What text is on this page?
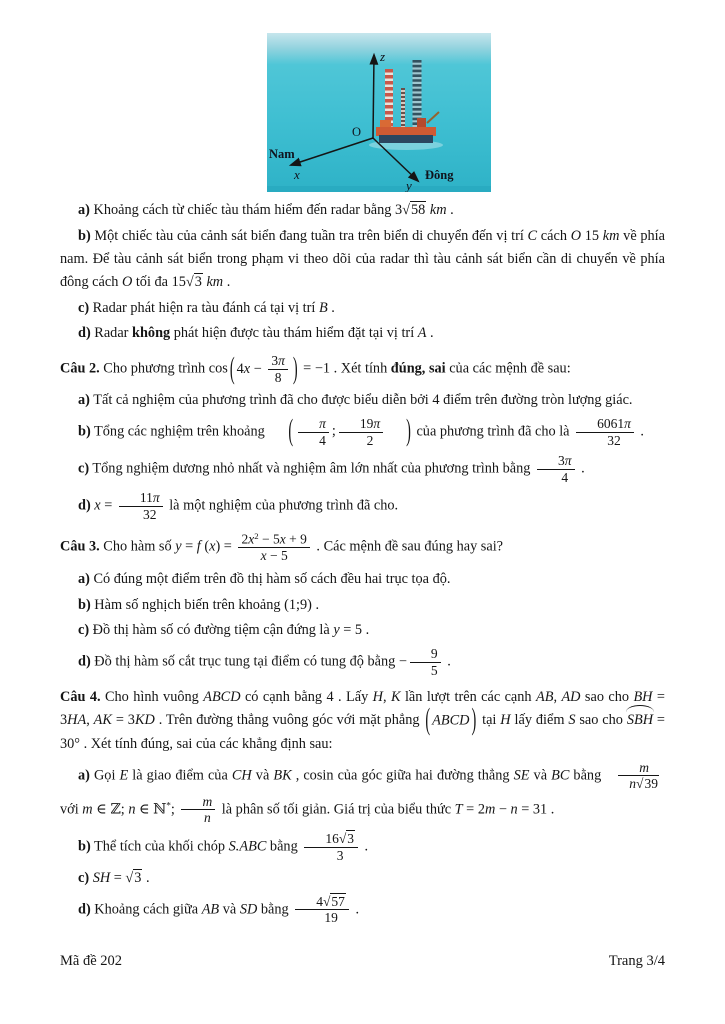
z
O
Nam
x	Đông
y

a) Khoảng cách từ chiếc tàu thám hiểm đến radar bằng 3√58 km .

b) Một chiếc tàu của cảnh sát biển đang tuần tra trên biển di chuyển đến vị trí C cách O 15 km về phía nam. Để tàu cảnh sát biển trong phạm vi theo dõi của radar thì tàu cảnh sát biển cần di chuyển về phía đông cách O tối đa 15√3 km .

c) Radar phát hiện ra tàu đánh cá tại vị trí B .

d) Radar không phát hiện được tàu thám hiểm đặt tại vị trí A .

Câu 2. Cho phương trình cos ( $4x - \frac{3\pi}{8}$ ) = −1 . Xét tính đúng, sai của các mệnh đề sau:

a) Tất cả nghiệm của phương trình đã cho được biểu diễn bởi 4 điểm trên đường tròn lượng giác.

b) Tổng các nghiệm trên khoảng ( $\frac{\pi}{4}$ ; $\frac{19\pi}{2}$ ) của phương trình đã cho là $\frac{6061\pi}{32}$ .

c) Tổng nghiệm dương nhỏ nhất và nghiệm âm lớn nhất của phương trình bằng $\frac{3\pi}{4}$ .

d) $x = \frac{11\pi}{32}$ là một nghiệm của phương trình đã cho.

Câu 3. Cho hàm số y = f $(x) = \frac{2x^2 - 5x + 9}{x - 5}$ . Các mệnh đề sau đúng hay sai?

a) Có đúng một điểm trên đồ thị hàm số cách đều hai trục tọa độ.

b) Hàm số nghịch biến trên khoảng (1;9) .

c) Đồ thị hàm số có đường tiệm cận đứng là y = 5 .

d) Đồ thị hàm số cắt trục tung tại điểm có tung độ bằng − $\frac{9}{5}$ .

Câu 4. Cho hình vuông ABCD có cạnh bằng 4 . Lấy H, K lần lượt trên các cạnh AB, AD sao cho BH = 3HA, AK = 3KD . Trên đường thẳng vuông góc với mặt phẳng ( ABCD ) tại H lấy điểm S sao cho SBH = 30° . Xét tính đúng, sai của các khẳng định sau:

a) Gọi E là giao điểm của CH và BK , cosin của góc giữa hai đường thẳng SE và BC bằng $\frac{m}{n√39}$
với m ∈ ℤ; n ∈ ℕ*; $\frac{m}{n}$ là phân số tối giản. Giá trị của biểu thức T = 2m − n = 31 .

b) Thể tích của khối chóp S.ABC bằng $\frac{16√3}{3}$ .

c) SH = √3 .

d) Khoảng cách giữa AB và SD bằng $\frac{4√57}{19}$ .

Mã đề 202	Trang 3/4
